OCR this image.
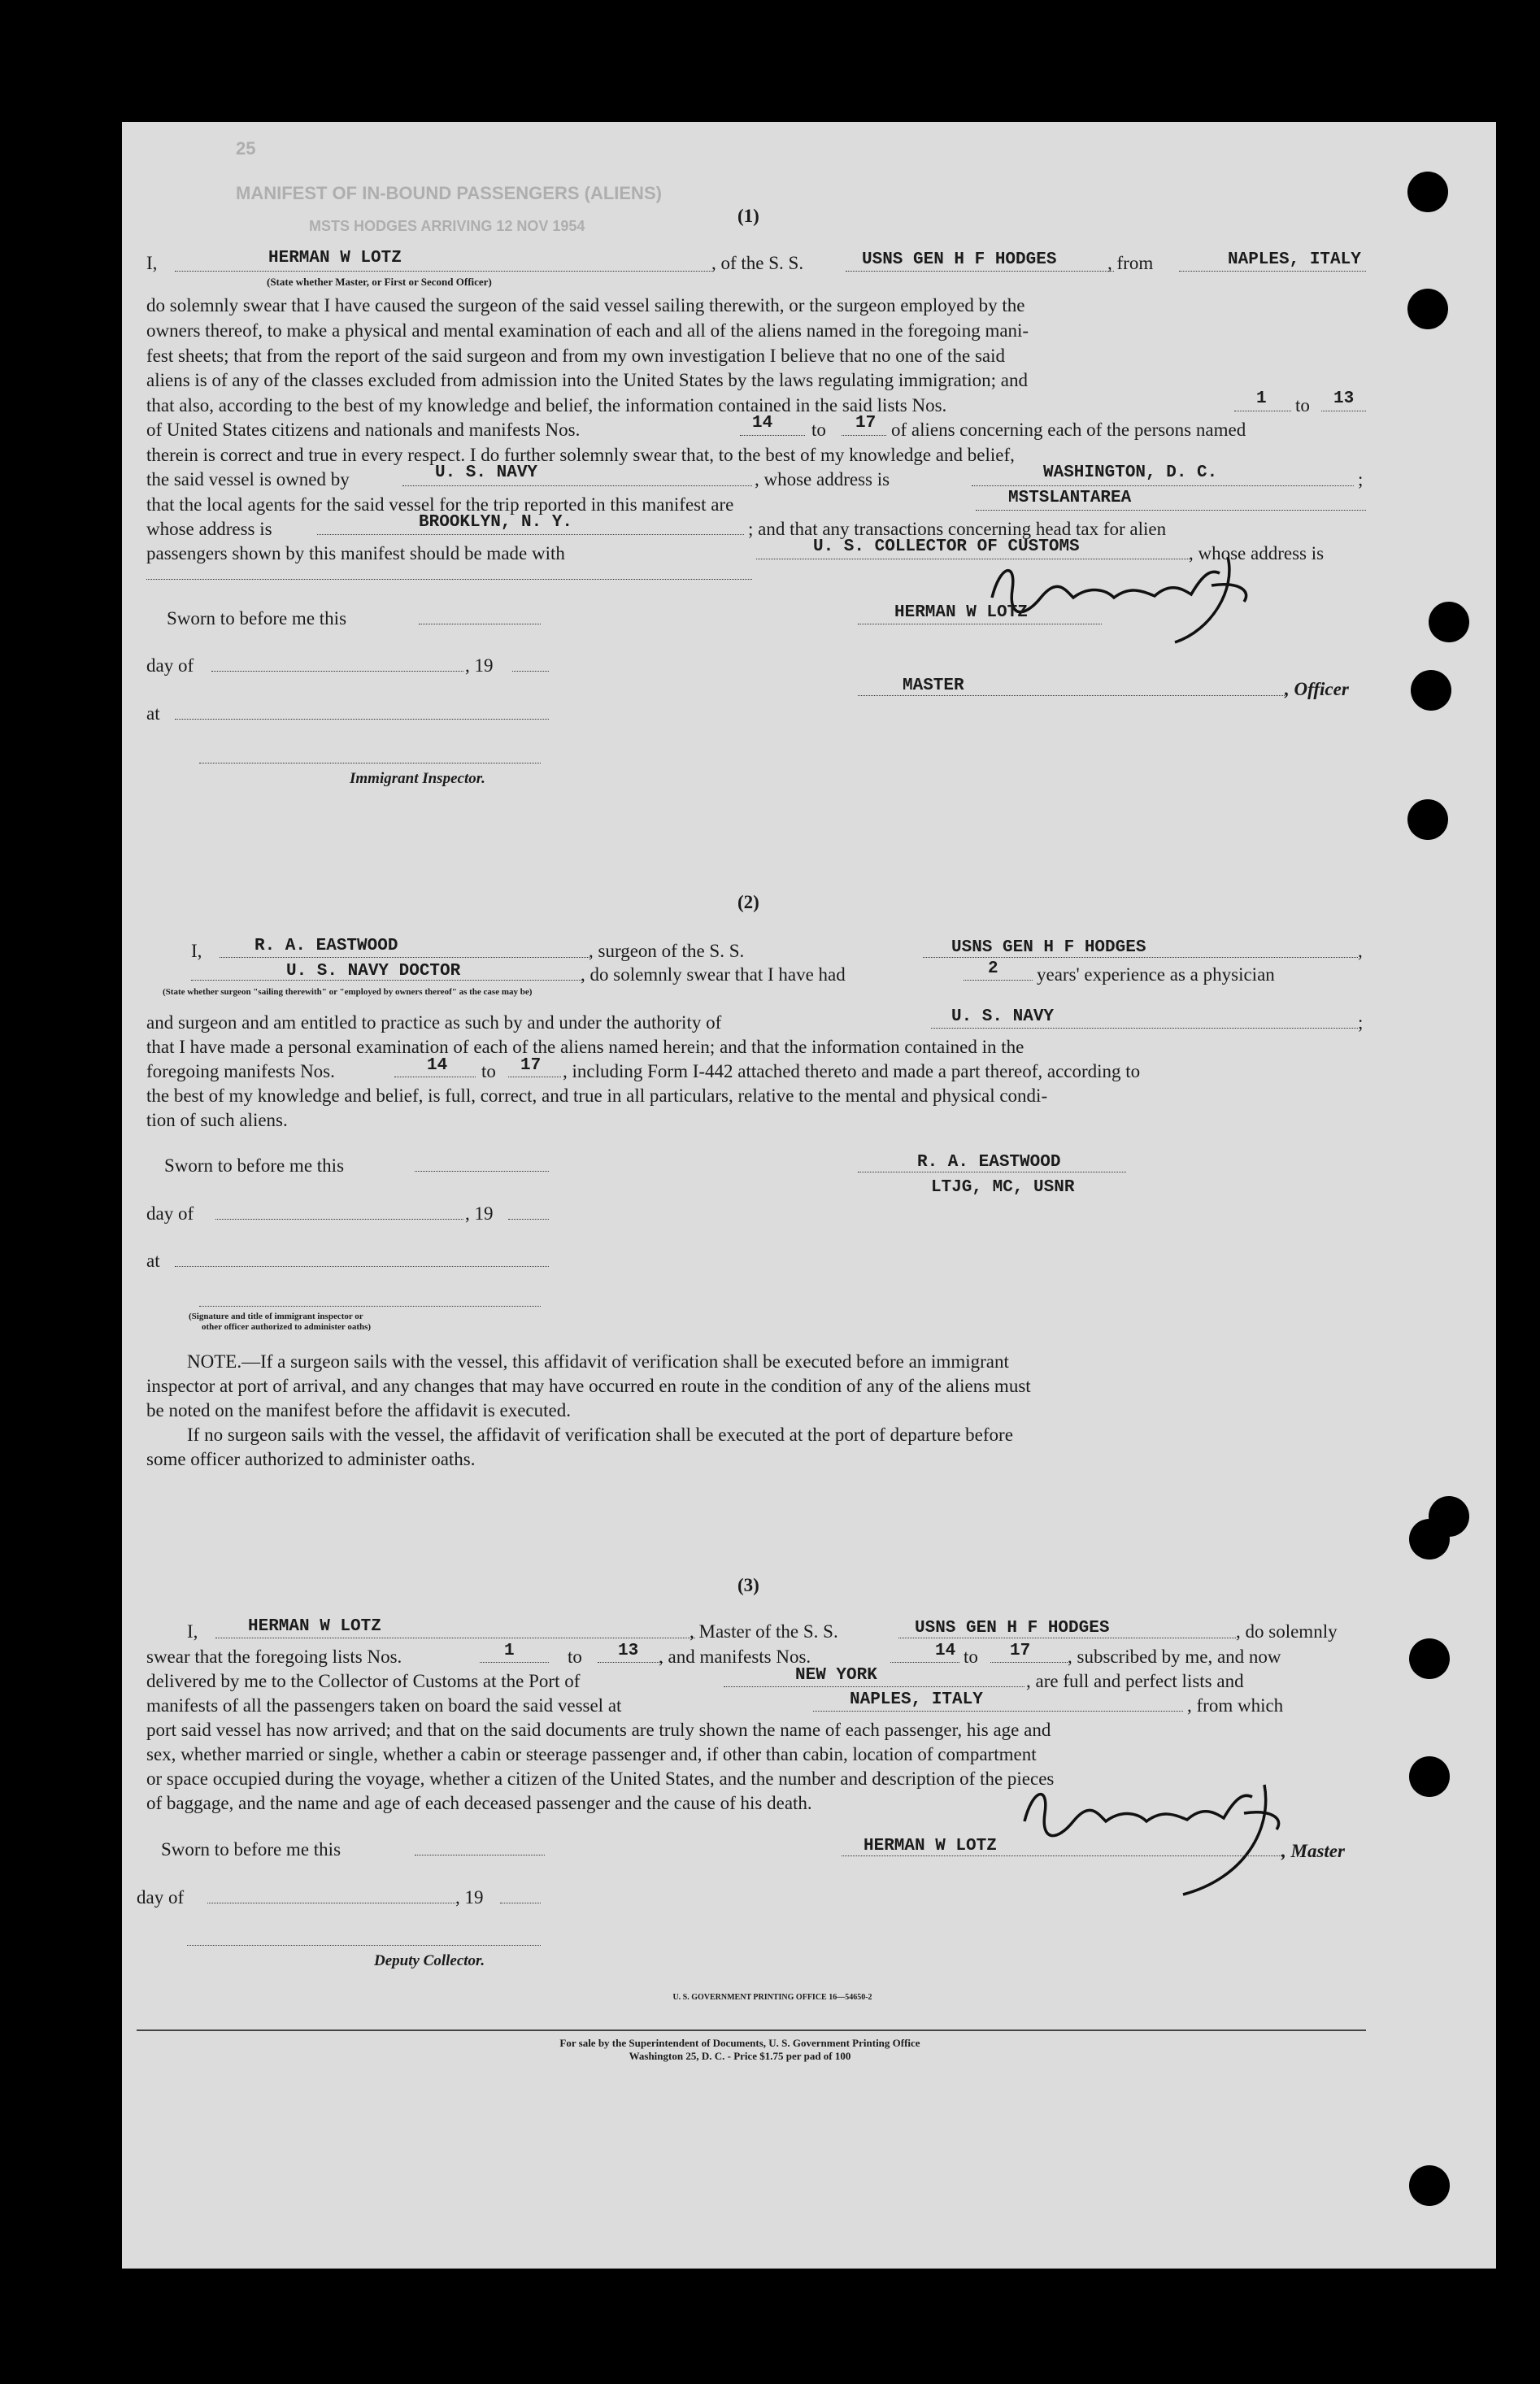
25
MANIFEST OF IN-BOUND PASSENGERS (ALIENS)
MSTS HODGES ARRIVING 12 NOV 1954	(1)
I,	HERMAN W LOTZ	, of the S. S.	USNS GEN H F HODGES	, from	NAPLES, ITALY
(State whether Master, or First or Second Officer)
do solemnly swear that I have caused the surgeon of the said vessel sailing therewith, or the surgeon employed by the
owners thereof, to make a physical and mental examination of each and all of the aliens named in the foregoing mani-
fest sheets; that from the report of the said surgeon and from my own investigation I believe that no one of the said
aliens is of any of the classes excluded from admission into the United States by the laws regulating immigration; and
that also, according to the best of my knowledge and belief, the information contained in the said lists Nos.	1 to 13
of United States citizens and nationals and manifests Nos.	14 to 17 of aliens concerning each of the persons named
therein is correct and true in every respect. I do further solemnly swear that, to the best of my knowledge and belief,
the said vessel is owned by	U. S. NAVY	, whose address is	WASHINGTON, D. C.	;
that the local agents for the said vessel for the trip reported in this manifest are	MSTSLANTAREA
whose address is	BROOKLYN, N. Y.	; and that any transactions concerning head tax for alien
passengers shown by this manifest should be made with	U. S. COLLECTOR OF CUSTOMS	, whose address is
Sworn to before me this
day of	, 19
at
Immigrant Inspector.
HERMAN W LOTZ
MASTER	, Officer
(2)
I,	R. A. EASTWOOD	, surgeon of the S. S.	USNS GEN H F HODGES	,
U. S. NAVY DOCTOR	, do solemnly swear that I have had	2 years' experience as a physician
(State whether surgeon "sailing therewith" or "employed by owners thereof" as the case may be)
and surgeon and am entitled to practice as such by and under the authority of	U. S. NAVY	;
that I have made a personal examination of each of the aliens named herein; and that the information contained in the
foregoing manifests Nos.	14 to 17 , including Form I-442 attached thereto and made a part thereof, according to
the best of my knowledge and belief, is full, correct, and true in all particulars, relative to the mental and physical condi-
tion of such aliens.
Sworn to before me this
day of	, 19
at
(Signature and title of immigrant inspector or
other officer authorized to administer oaths)
R. A. EASTWOOD
LTJG, MC, USNR
NOTE.—If a surgeon sails with the vessel, this affidavit of verification shall be executed before an immigrant
inspector at port of arrival, and any changes that may have occurred en route in the condition of any of the aliens must
be noted on the manifest before the affidavit is executed.
If no surgeon sails with the vessel, the affidavit of verification shall be executed at the port of departure before
some officer authorized to administer oaths.
(3)
I,	HERMAN W LOTZ	, Master of the S. S.	USNS GEN H F HODGES	, do solemnly
swear that the foregoing lists Nos.	1	to 13 , and manifests Nos.	14 to 17 , subscribed by me, and now
delivered by me to the Collector of Customs at the Port of	NEW YORK	, are full and perfect lists and
manifests of all the passengers taken on board the said vessel at	NAPLES, ITALY	, from which
port said vessel has now arrived; and that on the said documents are truly shown the name of each passenger, his age and
sex, whether married or single, whether a cabin or steerage passenger and, if other than cabin, location of compartment
or space occupied during the voyage, whether a citizen of the United States, and the number and description of the pieces
of baggage, and the name and age of each deceased passenger and the cause of his death.
Sworn to before me this
day of	, 19
Deputy Collector.
HERMAN W LOTZ	, Master
U. S. GOVERNMENT PRINTING OFFICE 16—54650-2
For sale by the Superintendent of Documents, U. S. Government Printing Office
Washington 25, D. C. - Price $1.75 per pad of 100
